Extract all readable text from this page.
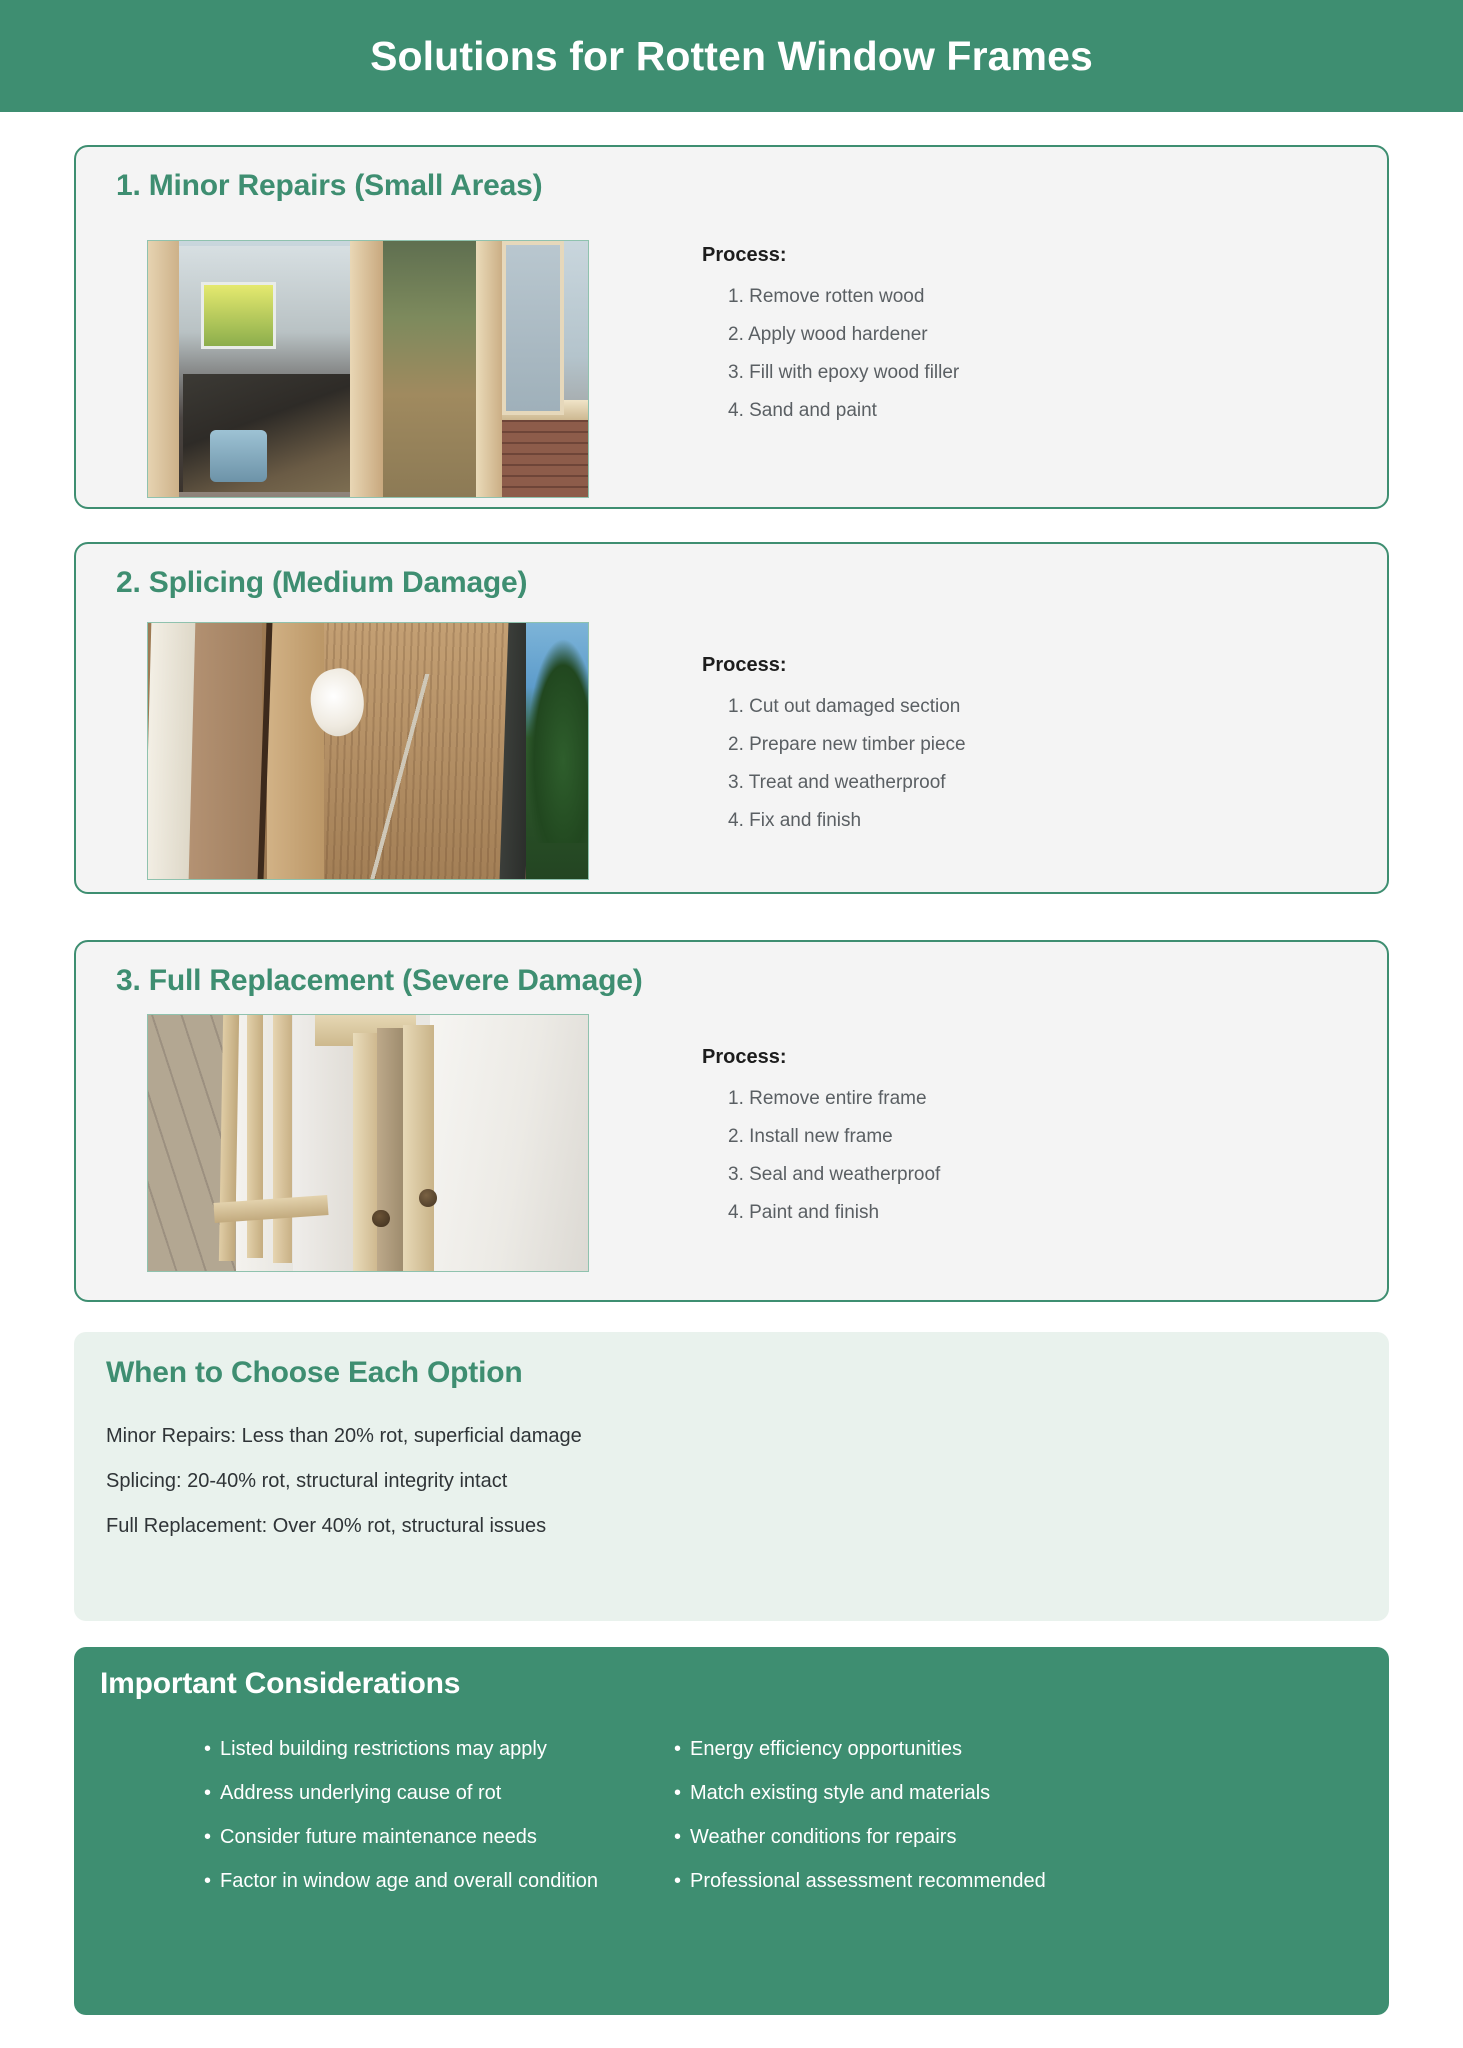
Solutions for Rotten Window Frames
1. Minor Repairs (Small Areas)
Process:
1. Remove rotten wood
2. Apply wood hardener
3. Fill with epoxy wood filler
4. Sand and paint
2. Splicing (Medium Damage)
Process:
1. Cut out damaged section
2. Prepare new timber piece
3. Treat and weatherproof
4. Fix and finish
3. Full Replacement (Severe Damage)
Process:
1. Remove entire frame
2. Install new frame
3. Seal and weatherproof
4. Paint and finish
When to Choose Each Option
Minor Repairs: Less than 20% rot, superficial damage
Splicing: 20-40% rot, structural integrity intact
Full Replacement: Over 40% rot, structural issues
Important Considerations
• Listed building restrictions may apply
• Address underlying cause of rot
• Consider future maintenance needs
• Factor in window age and overall condition
• Energy efficiency opportunities
• Match existing style and materials
• Weather conditions for repairs
• Professional assessment recommended
